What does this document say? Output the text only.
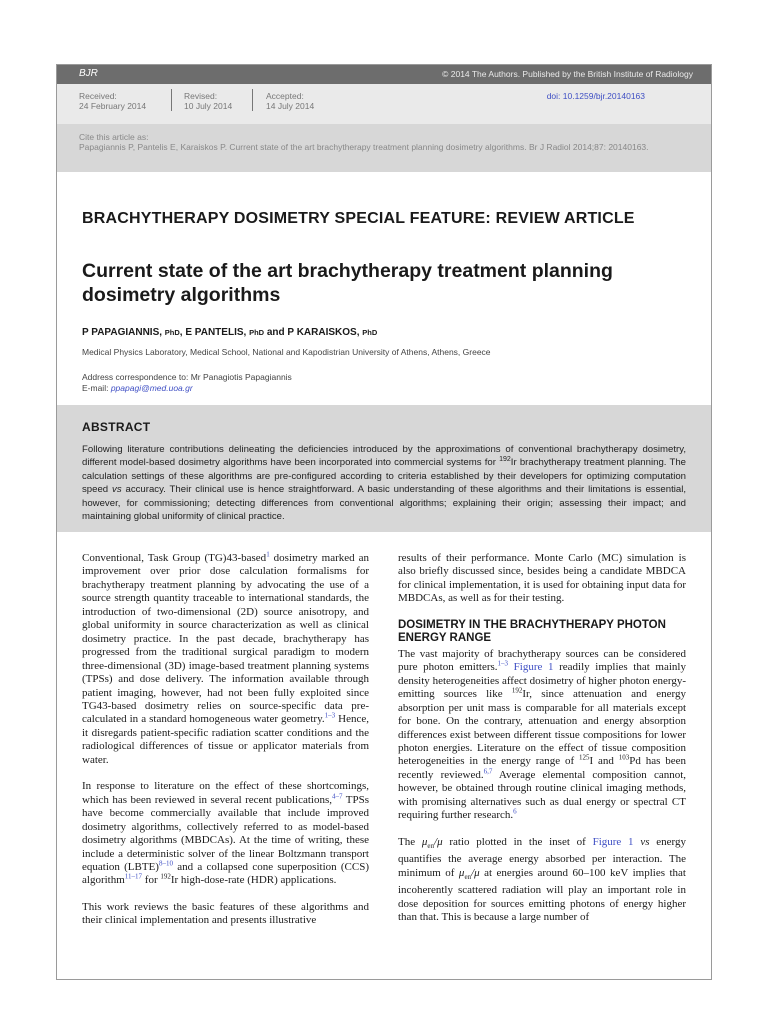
BJR	© 2014 The Authors. Published by the British Institute of Radiology
Received:
24 February 2014
Revised:
10 July 2014
Accepted:
14 July 2014
doi: 10.1259/bjr.20140163
Cite this article as:
Papagiannis P, Pantelis E, Karaiskos P. Current state of the art brachytherapy treatment planning dosimetry algorithms. Br J Radiol 2014;87: 20140163.
BRACHYTHERAPY DOSIMETRY SPECIAL FEATURE: REVIEW ARTICLE
Current state of the art brachytherapy treatment planning dosimetry algorithms
P PAPAGIANNIS, PhD, E PANTELIS, PhD and P KARAISKOS, PhD
Medical Physics Laboratory, Medical School, National and Kapodistrian University of Athens, Athens, Greece
Address correspondence to: Mr Panagiotis Papagiannis
E-mail: ppapagi@med.uoa.gr
ABSTRACT
Following literature contributions delineating the deficiencies introduced by the approximations of conventional brachytherapy dosimetry, different model-based dosimetry algorithms have been incorporated into commercial systems for $^{192}$Ir brachytherapy treatment planning. The calculation settings of these algorithms are pre-configured according to criteria established by their developers for optimizing computation speed vs accuracy. Their clinical use is hence straightforward. A basic understanding of these algorithms and their limitations is essential, however, for commissioning; detecting differences from conventional algorithms; explaining their origin; assessing their impact; and maintaining global uniformity of clinical practice.

Conventional, Task Group (TG)43-based$^1$ dosimetry marked an improvement over prior dose calculation formalisms for brachytherapy treatment planning by advocating the use of a source strength quantity traceable to international standards, the introduction of two-dimensional (2D) source anisotropy, and global uniformity in source characterization as well as clinical dosimetry practice. In the past decade, brachytherapy has progressed from the traditional surgical paradigm to modern three-dimensional (3D) image-based treatment planning systems (TPSs) and dose delivery. The information available through patient imaging, however, had not been fully exploited since TG43-based dosimetry relies on source-specific data pre-calculated in a standard homogeneous water geometry.$^{1-3}$ Hence, it disregards patient-specific radiation scatter conditions and the radiological differences of tissue or applicator materials from water.

In response to literature on the effect of these shortcomings, which has been reviewed in several recent publications,$^{4-7}$ TPSs have become commercially available that include improved dosimetry algorithms, collectively referred to as model-based dosimetry algorithms (MBDCAs). At the time of writing, these include a deterministic solver of the linear Boltzmann transport equation (LBTE)$^{8-10}$ and a collapsed cone superposition (CCS) algorithm$^{11-17}$ for $^{192}$Ir high-dose-rate (HDR) applications.

This work reviews the basic features of these algorithms and their clinical implementation and presents illustrative

results of their performance. Monte Carlo (MC) simulation is also briefly discussed since, besides being a candidate MBDCA for clinical implementation, it is used for obtaining input data for MBDCAs, as well as for their testing.

DOSIMETRY IN THE BRACHYTHERAPY PHOTON ENERGY RANGE

The vast majority of brachytherapy sources can be considered pure photon emitters.$^{1-3}$ Figure 1 readily implies that mainly density heterogeneities affect dosimetry of higher photon energy-emitting sources like $^{192}$Ir, since attenuation and energy absorption per unit mass is comparable for all materials except for bone. On the contrary, attenuation and energy absorption differences exist between different tissue compositions for lower photon energies. Literature on the effect of tissue composition heterogeneities in the energy range of $^{125}$I and $^{103}$Pd has been recently reviewed.$^{6,7}$ Average elemental composition cannot, however, be obtained through routine clinical imaging methods, with promising alternatives such as dual energy or spectral CT requiring further research.$^6$

The $\mu_{en}/\mu$ ratio plotted in the inset of Figure 1 vs energy quantifies the average energy absorbed per interaction. The minimum of $\mu_{en}/\mu$ at energies around 60–100 keV implies that incoherently scattered radiation will play an important role in dose deposition for sources emitting photons of energy higher than that. This is because a large number of
